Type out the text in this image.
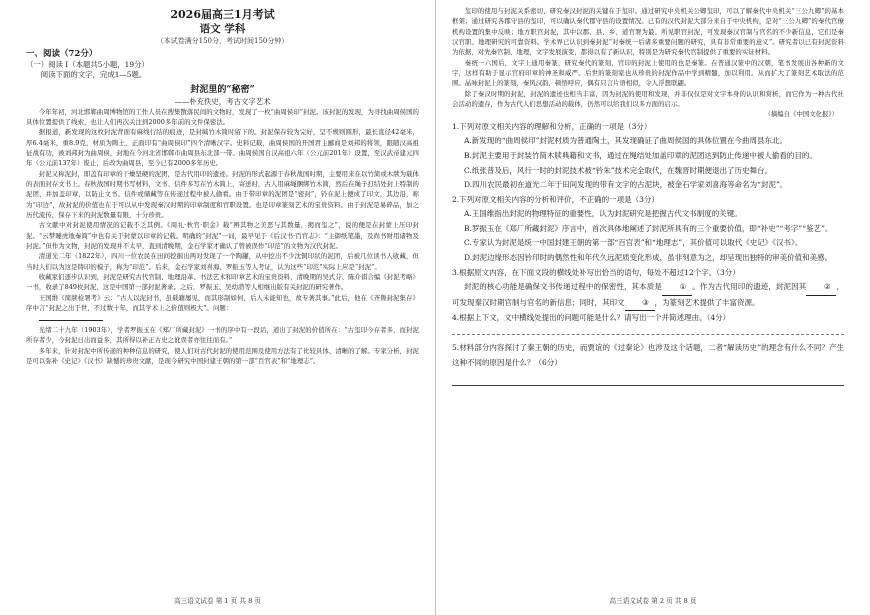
2026届高三1月考试
语文 学科
（本试卷满分150分，考试时间150分钟）
一、阅读（72分）
（一）阅读 I（本题共5小题，19分）
阅读下面的文字，完成1—5题。
封泥里的“秘密”
——朴充佚史，考古文字艺术
今年年初，河北邯郸曲周博物馆的工作人员在搜集散落民间的文物时，发现了一枚“曲周侯印”封泥。该封泥的发现，为寻找曲周侯国的具体位置提供了线索，也让人们再次关注到2000多年前的文件保密法。
据报道，新发现的这枚封泥背面有麻线行结的痕迹，是封缄竹木简时留下的。封泥保存较为完好，呈不规则圆形，最长直径42毫米，厚6.4毫米，重8.9克，材质为陶土，正面印有“曲周侯印”四个清晰汉字。史料记载，曲周侯国的开国君主郦商是刘邦的将领，跟随汉高祖征战有功，被刘邦封为曲周侯，封地在今河北省邯郸市曲周县东北部一带。曲周侯国自汉高祖六年（公元前201年）设置，至汉武帝建元四年（公元前137年）废止，后改为曲周县，至今已有2000多年历史。
封泥又称泥封，即盖有印章的干燥坚硬的泥团，是古代用印的遗迹。封泥的形式起源于春秋战国时期，主要用来在以竹简或木牍为载体的表面封存文书上。春秋战国时期书写材料，文书、信件多写在竹木简上，寄送时，古人用麻绳捆绑竹木简，然后在绳子打结处封上特制的泥团，并加盖印章，以防止文书、信件或储藏等在传递过程中被人偷看。由于带印章的泥团是“密封”，钤在泥上便成了印文，其边沿，称为“印边”，故封泥的价值也在于可以从中发现秦汉时期的印章制度和官职设置。也是印章篆刻艺术的宝贵资料。由于封泥是易碎品，加之历代流传，保存下来的封泥数量有限，十分珍贵。
古文献中对封泥使用情况的记载不乏其例。《周礼·秋官·职金》载“辨其物之美恶与其数量，揭而玺之”，说的便是在封蒙上压印封泥。“云梦睡虎地秦简”中也有关于封蒙以印章的记载。明确的“封泥”一词，最早见于《后汉书·百官志》：“主御纸笔墨，及尚书财用诸物及封泥。”但作为文物，封泥的发现并不太早，直到清晚期，金石学家才确认了曾被误作“印范”的文物为汉代封泥。
清道光二年（1822年），四川一位农民在田间挖掘出两对发现了一个陶罐，从中挖出不少沈铜印状的泥团，后被几位读书人收藏，但当时人们以为这是铸印的模子，称为“印范”。后来，金石学家刘喜海、罗振玉等人考证，认为这些“印范”实际上应是“封泥”。
收藏家们逐步认识到，封泥是研究古代官制、地理沿革、书法艺术和印章艺术的宝贵资料，清晚期的吴式芬、陈介祺合编《封泥考略》一书，收录了849枚封泥，这是中国第一部封泥著录。之后，罗振玉、吴幼潜等人相继出版有关封泥的研究著作。
王国维《简牍检署考》云：“古人以泥封书，虽载籍屡见，而其形制如何，后人未能知也，故专著其事。”此后，他在《齐鲁封泥集存》序中言“封泥之出于世，不过数十年，而其学术上之价值则极大”。问题：
光绪二十九年（1903年），学者罗振玉在《郑厂所藏封泥》一书的序中有一段话，道出了封泥的价值所在：“古玺印今存者多，而封泥所存者少，今封泥日出而益多，其所得以补正古史之讹误者亦往往而有。”
多年来，针对封泥中所传递的种种信息的研究，使人们对古代封泥的使用范围及使用方法有了比较具体、清晰的了解。专家分析，封泥是可以弥补《史记》《汉书》缺憾的珍贵文献，是现今研究中国封建王朝的第一部“百官表”和“地理志”。
高三语文试卷 第 1 页 共 8 页
玺印的使用与封泥关系密切，研究秦汉封泥的关键在于玺印。通过研究中央机关公卿玺印，可以了解秦代中央机关“三公九卿”的基本框架；通过研究各郡守县的玺印，可以确认秦代郡守县的设置情况。已有的汉代封泥大部分来自于中央机构，是对“三公九卿”的秦代官僚机构设置的集中反映；地方职官封泥，其中以郡、县、乡、道官署为最。所见职官封泥，可发现秦汉官制与官名的不少新信息，它们是秦汉官职、地理研究的可靠资料。学术界已认识到秦封泥“对秦统一后诸多重要问题的研究，具有非常重要的意义”。研究者以已有封泥资料为依据，对先秦官制、地理，文字发展演变，都得以有了新认识，特别是为研究秦代官制提供了重要的实证材料。
秦统一六国后，文字上通用秦篆，研究秦代的篆刻、官印的封泥上使用的也是秦篆。在普通汉篆中的汉朝，笔书发展出各种新的文字，这样有助于显示官府印章的神圣和威严。后世的篆刻家也从珍贵的封泥作品中学到精髓，加以利用。从而扩大了篆刻艺术取法的范围。晶咏封泥上的篆刻，秦风汉韵，顿悟呼应，偶有只言片语相似，令人浮想联翩。
除了秦汉时期的封泥，封泥的遗迹也相当丰富，因为封泥的使用和发现，并非仅仅是对文字本身的认识和赏析，而它作为一种古代社会活动的遗存，作为古代人们思想活动的载体，仍然可以给我们以多方面的启示。
（摘编自《中国文化报》）
1.下列对原文相关内容的理解和分析，正确的一项是（3分）
A.新发现的“曲周侯印”封泥材质为普通陶土，其发现确证了曲周侯国的具体位置在今曲周县东北。
B.封泥主要用于封装竹简木牍典籍和文书，通过在绳结处加盖印章的泥团达到防止传递中被人偷看的目的。
C.纸张普及后，风行一时的封泥技术被“钤朱”技术完全取代，在魏晋时期便退出了历史舞台。
D.四川农民最初在道光二年于田间发现的带有文字的古泥块，被金石学家刘喜海等命名为“封泥”。
2.下列对原文相关内容的分析和评价，不正确的一项是（3分）
A.王国维指出封泥的物理特征的重要性，认为封泥研究是把握古代文书制度的关键。
B.罗振玉在《郑厂所藏封泥》序言中，首次具体地阐述了封泥所具有的三个重要价值，即“补史”“考字”“鉴艺”。
C.专家认为封泥是统一中国封建王朝的第一部“百官表”和“地理志”，其价值可以取代《史记》《汉书》。
D.封泥边缘形态因钤印时的偶然性和年代久远泥质变化形成，虽非刻意为之，却呈现出独特的审美价值和美感。
3.根据原文内容，在下面文段的横线处补写出恰当的语句，每处不超过12个字。（3分）
封泥的核心功能是确保文书传递过程中的保密性，其本质是 ① 。作为古代用印的遗迹，封泥因其 ② ，可发现秦汉时期官制与官名的新信息；同时，其印文 ③ ，为篆刻艺术提供了丰富资源。
4.根据上下文，文中横线处提出的问题可能是什么？请写出一个并简述理由。（4分）
5.材料部分内容探讨了秦王朝的历史，而贾谊的《过秦论》也涉及这个话题，二者“解读历史”的理念有什么不同？产生这种不同的原因是什么？（6分）
高三语文试卷 第 2 页 共 8 页
